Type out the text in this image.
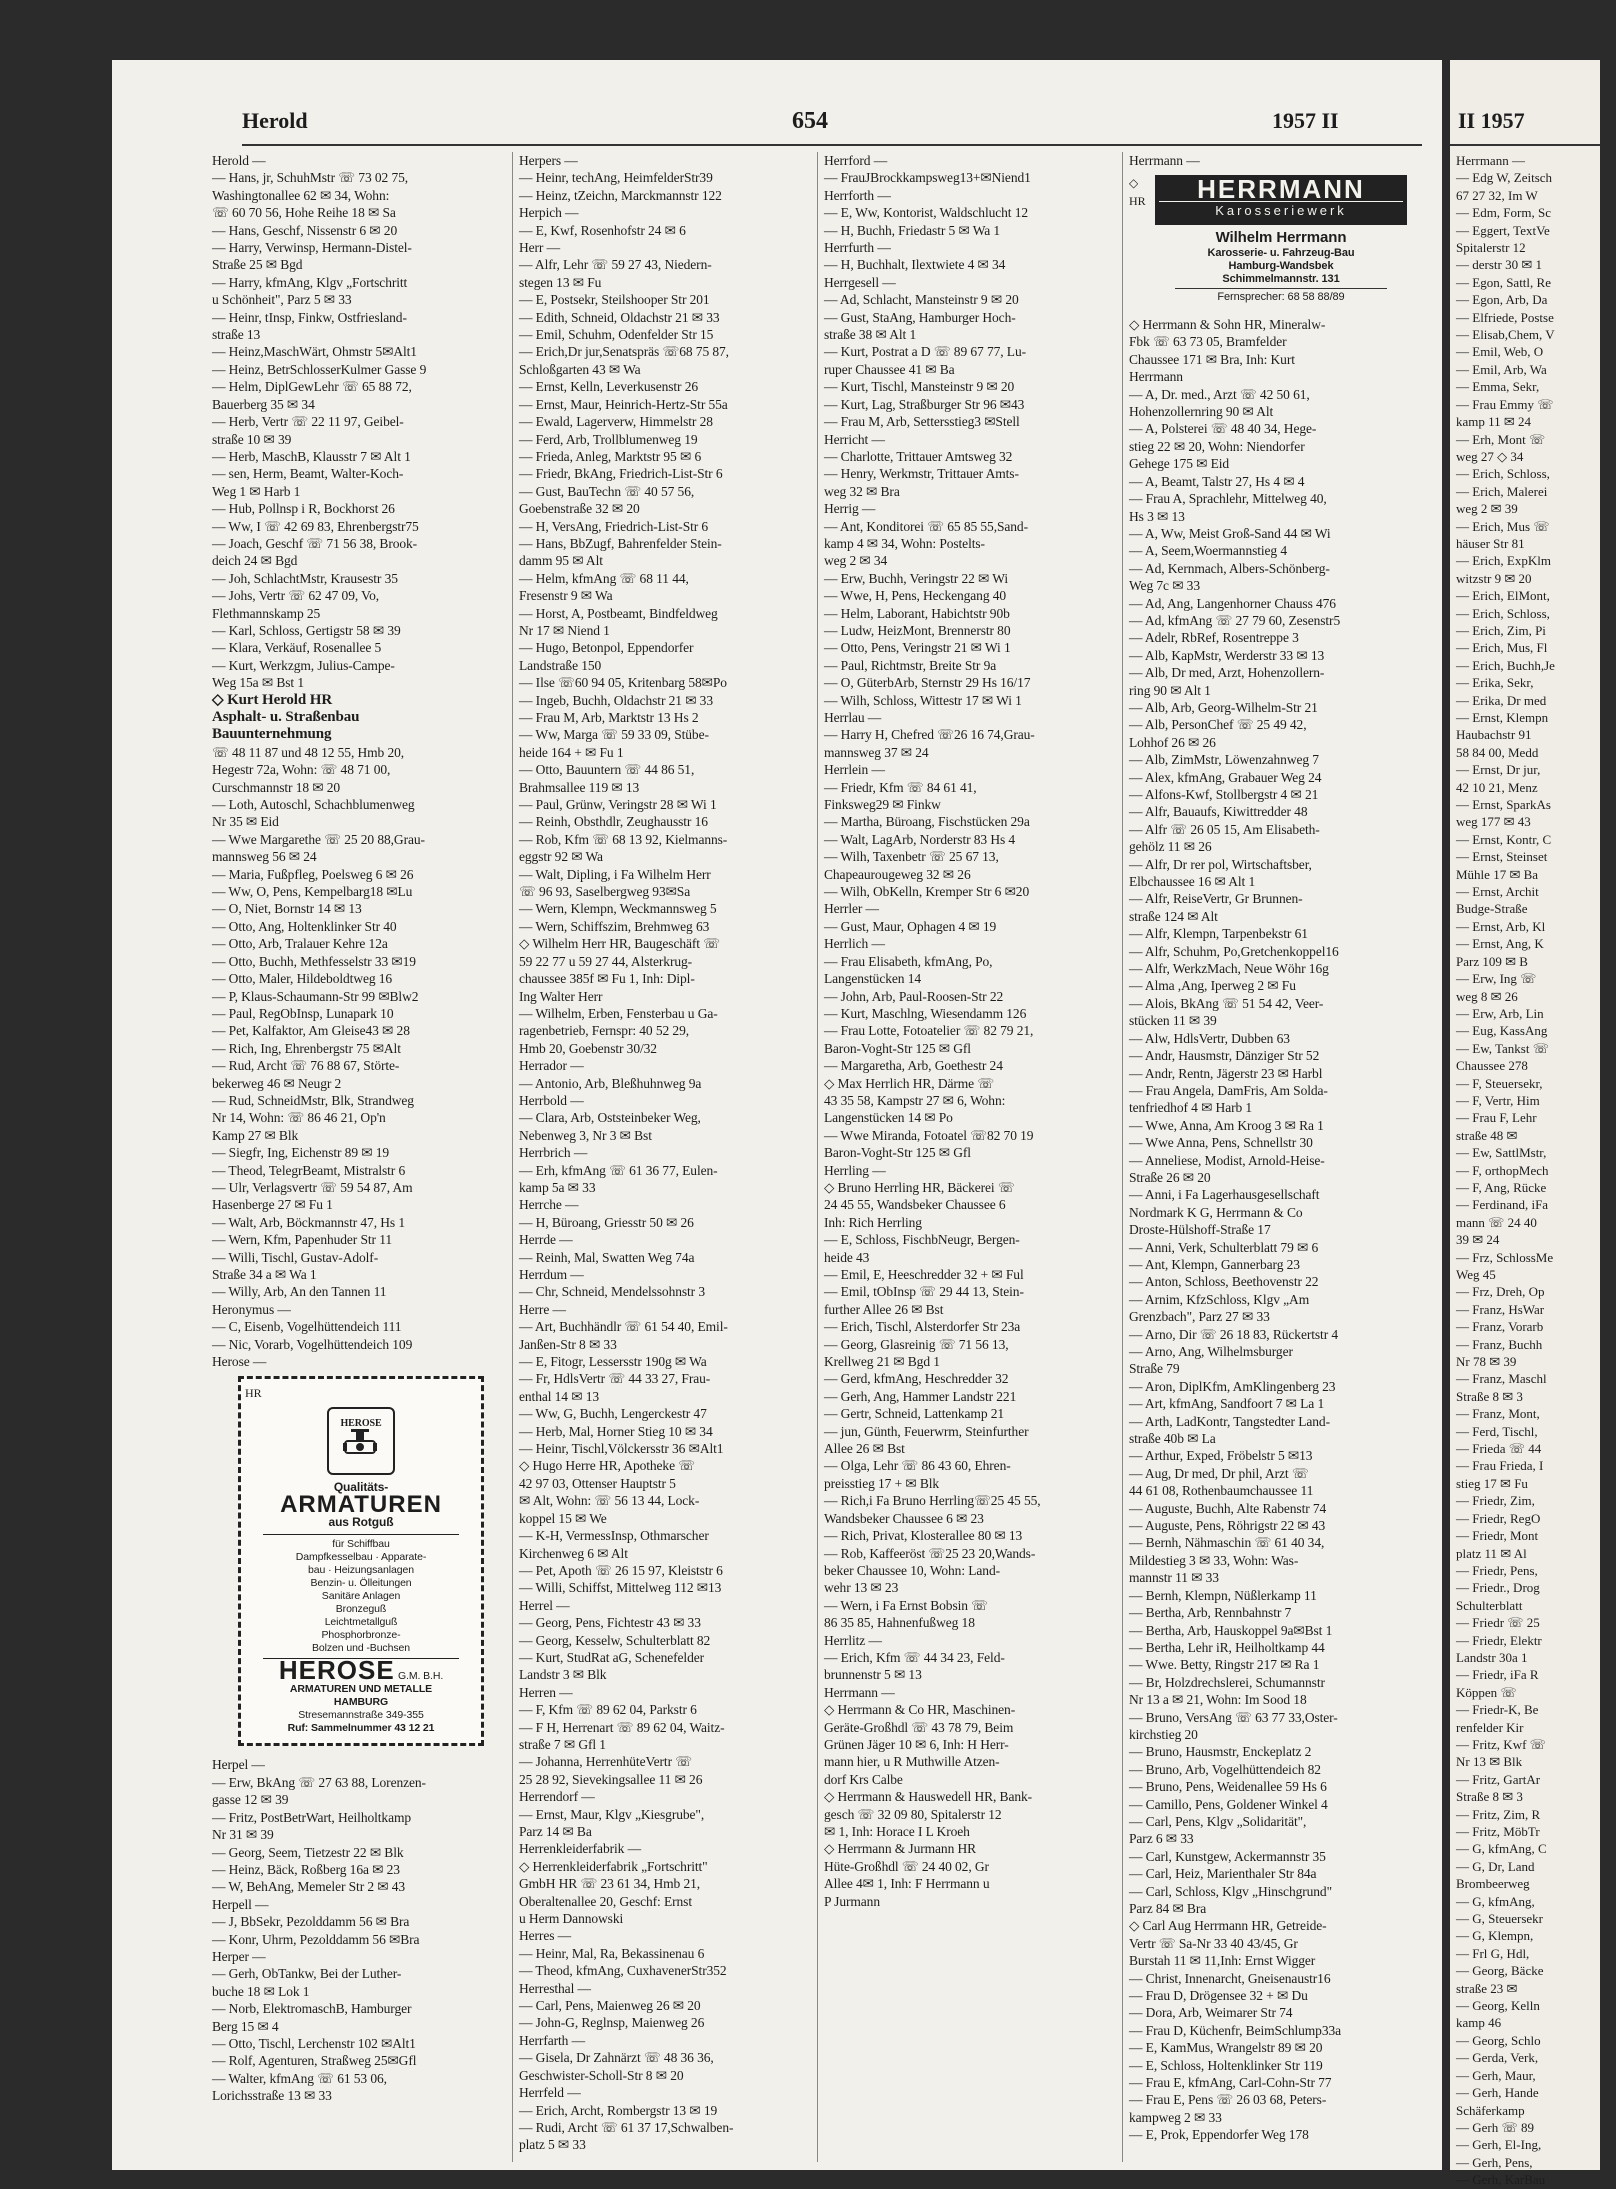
Herold	654	1957 II
Herold —
— Hans, jr, SchuhMstr ☏ 73 02 75,
Washingtonallee 62 ✉ 34, Wohn:
☏ 60 70 56, Hohe Reihe 18 ✉ Sa
— Hans, Geschf, Nissenstr 6 ✉ 20
— Harry, Verwinsp, Hermann-Distel-
Straße 25 ✉ Bgd
— Harry, kfmAng, Klgv „Fortschritt
u Schönheit", Parz 5 ✉ 33
— Heinr, tInsp, Finkw, Ostfriesland-
straße 13
— Heinz,MaschWärt, Ohmstr 5✉Alt1
— Heinz, BetrSchlosserKulmer Gasse 9
— Helm, DiplGewLehr ☏ 65 88 72,
Bauerberg 35 ✉ 34
— Herb, Vertr ☏ 22 11 97, Geibel-
straße 10 ✉ 39
— Herb, MaschB, Klausstr 7 ✉ Alt 1
— sen, Herm, Beamt, Walter-Koch-
Weg 1 ✉ Harb 1
— Hub, Pollnsp i R, Bockhorst 26
— Ww, I ☏ 42 69 83, Ehrenbergstr75
— Joach, Geschf ☏ 71 56 38, Brook-
deich 24 ✉ Bgd
— Joh, SchlachtMstr, Krausestr 35
— Johs, Vertr ☏ 62 47 09, Vo,
Flethmannskamp 25
— Karl, Schloss, Gertigstr 58 ✉ 39
— Klara, Verkäuf, Rosenallee 5
— Kurt, Werkzgm, Julius-Campe-
Weg 15a ✉ Bst 1
◇ Kurt Herold HR
Asphalt- u. Straßenbau
Bauunternehmung
☏ 48 11 87 und 48 12 55, Hmb 20,
Hegestr 72a, Wohn: ☏ 48 71 00,
Curschmannstr 18 ✉ 20
— Loth, Autoschl, Schachblumenweg
Nr 35 ✉ Eid
— Wwe Margarethe ☏ 25 20 88,Grau-
mannsweg 56 ✉ 24
— Maria, Fußpfleg, Poelsweg 6 ✉ 26
— Ww, O, Pens, Kempelbarg18 ✉Lu
— O, Niet, Bornstr 14 ✉ 13
— Otto, Ang, Holtenklinker Str 40
— Otto, Arb, Tralauer Kehre 12a
— Otto, Buchh, Methfesselstr 33 ✉19
— Otto, Maler, Hildeboldtweg 16
— P, Klaus-Schaumann-Str 99 ✉Blw2
— Paul, RegObInsp, Lunapark 10
— Pet, Kalfaktor, Am Gleise43 ✉ 28
— Rich, Ing, Ehrenbergstr 75 ✉Alt
— Rud, Archt ☏ 76 88 67, Störte-
bekerweg 46 ✉ Neugr 2
— Rud, SchneidMstr, Blk, Strandweg
Nr 14, Wohn: ☏ 86 46 21, Op'n
Kamp 27 ✉ Blk
— Siegfr, Ing, Eichenstr 89 ✉ 19
— Theod, TelegrBeamt, Mistralstr 6
— Ulr, Verlagsvertr ☏ 59 54 87, Am
Hasenberge 27 ✉ Fu 1
— Walt, Arb, Böckmannstr 47, Hs 1
— Wern, Kfm, Papenhuder Str 11
— Willi, Tischl, Gustav-Adolf-
Straße 34 a ✉ Wa 1
— Willy, Arb, An den Tannen 11
Heronymus —
— C, Eisenb, Vogelhüttendeich 111
— Nic, Vorarb, Vogelhüttendeich 109
Herose —
HR
HEROSE
Qualitäts-
ARMATUREN
aus Rotguß
für Schiffbau
Dampfkesselbau · Apparate-
bau · Heizungsanlagen
Benzin- u. Ölleitungen
Sanitäre Anlagen
Bronzeguß
Leichtmetallguß
Phosphorbronze-
Bolzen und -Buchsen
HEROSE G.M. B.H.
ARMATUREN UND METALLE
HAMBURG
Stresemannstraße 349-355
Ruf: Sammelnummer 43 12 21
Herpel —
— Erw, BkAng ☏ 27 63 88, Lorenzen-
gasse 12 ✉ 39
— Fritz, PostBetrWart, Heilholtkamp
Nr 31 ✉ 39
— Georg, Seem, Tietzestr 22 ✉ Blk
— Heinz, Bäck, Roßberg 16a ✉ 23
— W, BehAng, Memeler Str 2 ✉ 43
Herpell —
— J, BbSekr, Pezolddamm 56 ✉ Bra
— Konr, Uhrm, Pezolddamm 56 ✉Bra
Herper —
— Gerh, ObTankw, Bei der Luther-
buche 18 ✉ Lok 1
— Norb, ElektromaschB, Hamburger
Berg 15 ✉ 4
— Otto, Tischl, Lerchenstr 102 ✉Alt1
— Rolf, Agenturen, Straßweg 25✉Gfl
— Walter, kfmAng ☏ 61 53 06,
Lorichsstraße 13 ✉ 33
Herpers —
— Heinr, techAng, HeimfelderStr39
— Heinz, tZeichn, Marckmannstr 122
Herpich —
— E, Kwf, Rosenhofstr 24 ✉ 6
Herr —
— Alfr, Lehr ☏ 59 27 43, Niedern-
stegen 13 ✉ Fu
— E, Postsekr, Steilshooper Str 201
— Edith, Schneid, Oldachstr 21 ✉ 33
— Emil, Schuhm, Odenfelder Str 15
— Erich,Dr jur,Senatspräs ☏68 75 87,
Schloßgarten 43 ✉ Wa
— Ernst, Kelln, Leverkusenstr 26
— Ernst, Maur, Heinrich-Hertz-Str 55a
— Ewald, Lagerverw, Himmelstr 28
— Ferd, Arb, Trollblumenweg 19
— Frieda, Anleg, Marktstr 95 ✉ 6
— Friedr, BkAng, Friedrich-List-Str 6
— Gust, BauTechn ☏ 40 57 56,
Goebenstraße 32 ✉ 20
— H, VersAng, Friedrich-List-Str 6
— Hans, BbZugf, Bahrenfelder Stein-
damm 95 ✉ Alt
— Helm, kfmAng ☏ 68 11 44,
Fresenstr 9 ✉ Wa
— Horst, A, Postbeamt, Bindfeldweg
Nr 17 ✉ Niend 1
— Hugo, Betonpol, Eppendorfer
Landstraße 150
— Ilse ☏60 94 05, Kritenbarg 58✉Po
— Ingeb, Buchh, Oldachstr 21 ✉ 33
— Frau M, Arb, Marktstr 13 Hs 2
— Ww, Marga ☏ 59 33 09, Stübe-
heide 164 + ✉ Fu 1
— Otto, Bauuntern ☏ 44 86 51,
Brahmsallee 119 ✉ 13
— Paul, Grünw, Veringstr 28 ✉ Wi 1
— Reinh, Obsthdlr, Zeughausstr 16
— Rob, Kfm ☏ 68 13 92, Kielmanns-
eggstr 92 ✉ Wa
— Walt, Dipling, i Fa Wilhelm Herr
☏ 96 93, Saselbergweg 93✉Sa
— Wern, Klempn, Weckmannsweg 5
— Wern, Schiffszim, Brehmweg 63
◇ Wilhelm Herr HR, Baugeschäft ☏
59 22 77 u 59 27 44, Alsterkrug-
chaussee 385f ✉ Fu 1, Inh: Dipl-
Ing Walter Herr
— Wilhelm, Erben, Fensterbau u Ga-
ragenbetrieb, Fernspr: 40 52 29,
Hmb 20, Goebenstr 30/32
Herrador —
— Antonio, Arb, Bleßhuhnweg 9a
Herrbold —
— Clara, Arb, Oststeinbeker Weg,
Nebenweg 3, Nr 3 ✉ Bst
Herrbrich —
— Erh, kfmAng ☏ 61 36 77, Eulen-
kamp 5a ✉ 33
Herrche —
— H, Büroang, Griesstr 50 ✉ 26
Herrde —
— Reinh, Mal, Swatten Weg 74a
Herrdum —
— Chr, Schneid, Mendelssohnstr 3
Herre —
— Art, Buchhändlr ☏ 61 54 40, Emil-
Janßen-Str 8 ✉ 33
— E, Fitogr, Lessersstr 190g ✉ Wa
— Fr, HdlsVertr ☏ 44 33 27, Frau-
enthal 14 ✉ 13
— Ww, G, Buchh, Lengerckestr 47
— Herb, Mal, Horner Stieg 10 ✉ 34
— Heinr, Tischl,Völckersstr 36 ✉Alt1
◇ Hugo Herre HR, Apotheke ☏
42 97 03, Ottenser Hauptstr 5
✉ Alt, Wohn: ☏ 56 13 44, Lock-
koppel 15 ✉ We
— K-H, VermessInsp, Othmarscher
Kirchenweg 6 ✉ Alt
— Pet, Apoth ☏ 26 15 97, Kleiststr 6
— Willi, Schiffst, Mittelweg 112 ✉13
Herrel —
— Georg, Pens, Fichtestr 43 ✉ 33
— Georg, Kesselw, Schulterblatt 82
— Kurt, StudRat aG, Schenefelder
Landstr 3 ✉ Blk
Herren —
— F, Kfm ☏ 89 62 04, Parkstr 6
— F H, Herrenart ☏ 89 62 04, Waitz-
straße 7 ✉ Gfl 1
— Johanna, HerrenhüteVertr ☏
25 28 92, Sievekingsallee 11 ✉ 26
Herrendorf —
— Ernst, Maur, Klgv „Kiesgrube",
Parz 14 ✉ Ba
Herrenkleiderfabrik —
◇ Herrenkleiderfabrik „Fortschritt"
GmbH HR ☏ 23 61 34, Hmb 21,
Oberaltenallee 20, Geschf: Ernst
u Herm Dannowski
Herres —
— Heinr, Mal, Ra, Bekassinenau 6
— Theod, kfmAng, CuxhavenerStr352
Herresthal —
— Carl, Pens, Maienweg 26 ✉ 20
— John-G, Reglnsp, Maienweg 26
Herrfarth —
— Gisela, Dr Zahnärzt ☏ 48 36 36,
Geschwister-Scholl-Str 8 ✉ 20
Herrfeld —
— Erich, Archt, Rombergstr 13 ✉ 19
— Rudi, Archt ☏ 61 37 17,Schwalben-
platz 5 ✉ 33
Herrford —
— FrauJBrockkampsweg13+✉Niend1
Herrforth —
— E, Ww, Kontorist, Waldschlucht 12
— H, Buchh, Friedastr 5 ✉ Wa 1
Herrfurth —
— H, Buchhalt, Ilextwiete 4 ✉ 34
Herrgesell —
— Ad, Schlacht, Mansteinstr 9 ✉ 20
— Gust, StaAng, Hamburger Hoch-
straße 38 ✉ Alt 1
— Kurt, Postrat a D ☏ 89 67 77, Lu-
ruper Chaussee 41 ✉ Ba
— Kurt, Tischl, Mansteinstr 9 ✉ 20
— Kurt, Lag, Straßburger Str 96 ✉43
— Frau M, Arb, Settersstieg3 ✉Stell
Herricht —
— Charlotte, Trittauer Amtsweg 32
— Henry, Werkmstr, Trittauer Amts-
weg 32 ✉ Bra
Herrig —
— Ant, Konditorei ☏ 65 85 55,Sand-
kamp 4 ✉ 34, Wohn: Postelts-
weg 2 ✉ 34
— Erw, Buchh, Veringstr 22 ✉ Wi
— Wwe, H, Pens, Heckengang 40
— Helm, Laborant, Habichtstr 90b
— Ludw, HeizMont, Brennerstr 80
— Otto, Pens, Veringstr 21 ✉ Wi 1
— Paul, Richtmstr, Breite Str 9a
— O, GüterbArb, Sternstr 29 Hs 16/17
— Wilh, Schloss, Wittestr 17 ✉ Wi 1
Herrlau —
— Harry H, Chefred ☏26 16 74,Grau-
mannsweg 37 ✉ 24
Herrlein —
— Friedr, Kfm ☏ 84 61 41,
Finksweg29 ✉ Finkw
— Martha, Büroang, Fischstücken 29a
— Walt, LagArb, Norderstr 83 Hs 4
— Wilh, Taxenbetr ☏ 25 67 13,
Chapeaurougeweg 32 ✉ 26
— Wilh, ObKelln, Kremper Str 6 ✉20
Herrler —
— Gust, Maur, Ophagen 4 ✉ 19
Herrlich —
— Frau Elisabeth, kfmAng, Po,
Langenstücken 14
— John, Arb, Paul-Roosen-Str 22
— Kurt, Maschlng, Wiesendamm 126
— Frau Lotte, Fotoatelier ☏ 82 79 21,
Baron-Voght-Str 125 ✉ Gfl
— Margaretha, Arb, Goethestr 24
◇ Max Herrlich HR, Därme ☏
43 35 58, Kampstr 27 ✉ 6, Wohn:
Langenstücken 14 ✉ Po
— Wwe Miranda, Fotoatel ☏82 70 19
Baron-Voght-Str 125 ✉ Gfl
Herrling —
◇ Bruno Herrling HR, Bäckerei ☏
24 45 55, Wandsbeker Chaussee 6
Inh: Rich Herrling
— E, Schloss, FischbNeugr, Bergen-
heide 43
— Emil, E, Heeschredder 32 + ✉ Ful
— Emil, tObInsp ☏ 29 44 13, Stein-
further Allee 26 ✉ Bst
— Erich, Tischl, Alsterdorfer Str 23a
— Georg, Glasreinig ☏ 71 56 13,
Krellweg 21 ✉ Bgd 1
— Gerd, kfmAng, Heschredder 32
— Gerh, Ang, Hammer Landstr 221
— Gertr, Schneid, Lattenkamp 21
— jun, Günth, Feuerwrm, Steinfurther
Allee 26 ✉ Bst
— Olga, Lehr ☏ 86 43 60, Ehren-
preisstieg 17 + ✉ Blk
— Rich,i Fa Bruno Herrling☏25 45 55,
Wandsbeker Chaussee 6 ✉ 23
— Rich, Privat, Klosterallee 80 ✉ 13
— Rob, Kaffeeröst ☏25 23 20,Wands-
beker Chaussee 10, Wohn: Land-
wehr 13 ✉ 23
— Wern, i Fa Ernst Bobsin ☏
86 35 85, Hahnenfußweg 18
Herrlitz —
— Erich, Kfm ☏ 44 34 23, Feld-
brunnenstr 5 ✉ 13
Herrmann —
◇ Herrmann & Co HR, Maschinen-
Geräte-Großhdl ☏ 43 78 79, Beim
Grünen Jäger 10 ✉ 6, Inh: H Herr-
mann hier, u R Muthwille Atzen-
dorf Krs Calbe
◇ Herrmann & Hauswedell HR, Bank-
gesch ☏ 32 09 80, Spitalerstr 12
✉ 1, Inh: Horace I L Kroeh
◇ Herrmann & Jurmann HR
Hüte-Großhdl ☏ 24 40 02, Gr
Allee 4✉ 1, Inh: F Herrmann u
P Jurmann
Herrmann —
◇
HR	HERRMANN
Karosseriewerk
Wilhelm Herrmann
Karosserie- u. Fahrzeug-Bau
Hamburg-Wandsbek
Schimmelmannstr. 131
Fernsprecher: 68 58 88/89
◇ Herrmann & Sohn HR, Mineralw-
Fbk ☏ 63 73 05, Bramfelder
Chaussee 171 ✉ Bra, Inh: Kurt
Herrmann
— A, Dr. med., Arzt ☏ 42 50 61,
Hohenzollernring 90 ✉ Alt
— A, Polsterei ☏ 48 40 34, Hege-
stieg 22 ✉ 20, Wohn: Niendorfer
Gehege 175 ✉ Eid
— A, Beamt, Talstr 27, Hs 4 ✉ 4
— Frau A, Sprachlehr, Mittelweg 40,
Hs 3 ✉ 13
— A, Ww, Meist Groß-Sand 44 ✉ Wi
— A, Seem,Woermannstieg 4
— Ad, Kernmach, Albers-Schönberg-
Weg 7c ✉ 33
— Ad, Ang, Langenhorner Chauss 476
— Ad, kfmAng ☏ 27 79 60, Zesenstr5
— Adelr, RbRef, Rosentreppe 3
— Alb, KapMstr, Werderstr 33 ✉ 13
— Alb, Dr med, Arzt, Hohenzollern-
ring 90 ✉ Alt 1
— Alb, Arb, Georg-Wilhelm-Str 21
— Alb, PersonChef ☏ 25 49 42,
Lohhof 26 ✉ 26
— Alb, ZimMstr, Löwenzahnweg 7
— Alex, kfmAng, Grabauer Weg 24
— Alfons-Kwf, Stollbergstr 4 ✉ 21
— Alfr, Bauaufs, Kiwittredder 48
— Alfr ☏ 26 05 15, Am Elisabeth-
gehölz 11 ✉ 26
— Alfr, Dr rer pol, Wirtschaftsber,
Elbchaussee 16 ✉ Alt 1
— Alfr, ReiseVertr, Gr Brunnen-
straße 124 ✉ Alt
— Alfr, Klempn, Tarpenbekstr 61
— Alfr, Schuhm, Po,Gretchenkoppel16
— Alfr, WerkzMach, Neue Wöhr 16g
— Alma ,Ang, Iperweg 2 ✉ Fu
— Alois, BkAng ☏ 51 54 42, Veer-
stücken 11 ✉ 39
— Alw, HdlsVertr, Dubben 63
— Andr, Hausmstr, Dänziger Str 52
— Andr, Rentn, Jägerstr 23 ✉ Harbl
— Frau Angela, DamFris, Am Solda-
tenfriedhof 4 ✉ Harb 1
— Wwe, Anna, Am Kroog 3 ✉ Ra 1
— Wwe Anna, Pens, Schnellstr 30
— Anneliese, Modist, Arnold-Heise-
Straße 26 ✉ 20
— Anni, i Fa Lagerhausgesellschaft
Nordmark K G, Herrmann & Co
Droste-Hülshoff-Straße 17
— Anni, Verk, Schulterblatt 79 ✉ 6
— Ant, Klempn, Gannerbarg 23
— Anton, Schloss, Beethovenstr 22
— Arnim, KfzSchloss, Klgv „Am
Grenzbach", Parz 27 ✉ 33
— Arno, Dir ☏ 26 18 83, Rückertstr 4
— Arno, Ang, Wilhelmsburger
Straße 79
— Aron, DiplKfm, AmKlingenberg 23
— Art, kfmAng, Sandfoort 7 ✉ La 1
— Arth, LadKontr, Tangstedter Land-
straße 40b ✉ La
— Arthur, Exped, Fröbelstr 5 ✉13
— Aug, Dr med, Dr phil, Arzt ☏
44 61 08, Rothenbaumchaussee 11
— Auguste, Buchh, Alte Rabenstr 74
— Auguste, Pens, Röhrigstr 22 ✉ 43
— Bernh, Nähmaschin ☏ 61 40 34,
Mildestieg 3 ✉ 33, Wohn: Was-
mannstr 11 ✉ 33
— Bernh, Klempn, Nüßlerkamp 11
— Bertha, Arb, Rennbahnstr 7
— Bertha, Arb, Hauskoppel 9a✉Bst 1
— Bertha, Lehr iR, Heilholtkamp 44
— Wwe. Betty, Ringstr 217 ✉ Ra 1
— Br, Holzdrechslerei, Schumannstr
Nr 13 a ✉ 21, Wohn: Im Sood 18
— Bruno, VersAng ☏ 63 77 33,Oster-
kirchstieg 20
— Bruno, Hausmstr, Enckeplatz 2
— Bruno, Arb, Vogelhüttendeich 82
— Bruno, Pens, Weidenallee 59 Hs 6
— Camillo, Pens, Goldener Winkel 4
— Carl, Pens, Klgv „Solidarität",
Parz 6 ✉ 33
— Carl, Kunstgew, Ackermannstr 35
— Carl, Heiz, Marienthaler Str 84a
— Carl, Schloss, Klgv „Hinschgrund"
Parz 84 ✉ Bra
◇ Carl Aug Herrmann HR, Getreide-
Vertr ☏ Sa-Nr 33 40 43/45, Gr
Burstah 11 ✉ 11,Inh: Ernst Wigger
— Christ, Innenarcht, Gneisenaustr16
— Frau D, Drögensee 32 + ✉ Du
— Dora, Arb, Weimarer Str 74
— Frau D, Küchenfr, BeimSchlump33a
— E, KamMus, Wrangelstr 89 ✉ 20
— E, Schloss, Holtenklinker Str 119
— Frau E, kfmAng, Carl-Cohn-Str 77
— Frau E, Pens ☏ 26 03 68, Peters-
kampweg 2 ✉ 33
— E, Prok, Eppendorfer Weg 178
II 1957
Herrmann —
— Edg W, Zeitsch
67 27 32, Im W
— Edm, Form, Sc
— Eggert, TextVe
Spitalerstr 12
— derstr 30 ✉ 1
— Egon, Sattl, Re
— Egon, Arb, Da
— Elfriede, Postse
— Elisab,Chem, V
— Emil, Web, O
— Emil, Arb, Wa
— Emma, Sekr,
— Frau Emmy ☏
kamp 11 ✉ 24
— Erh, Mont ☏
weg 27 ◇ 34
— Erich, Schloss,
— Erich, Malerei
weg 2 ✉ 39
— Erich, Mus ☏
häuser Str 81
— Erich, ExpKlm
witzstr 9 ✉ 20
— Erich, ElMont,
— Erich, Schloss,
— Erich, Zim, Pi
— Erich, Mus, Fl
— Erich, Buchh,Je
— Erika, Sekr,
— Erika, Dr med
— Ernst, Klempn
Haubachstr 91
58 84 00, Medd
— Ernst, Dr jur,
42 10 21, Menz
— Ernst, SparkAs
weg 177 ✉ 43
— Ernst, Kontr, C
— Ernst, Steinset
Mühle 17 ✉ Ba
— Ernst, Archit
Budge-Straße
— Ernst, Arb, Kl
— Ernst, Ang, K
Parz 109 ✉ B
— Erw, Ing ☏
weg 8 ✉ 26
— Erw, Arb, Lin
— Eug, KassAng
— Ew, Tankst ☏
Chaussee 278
— F, Steuersekr,
— F, Vertr, Him
— Frau F, Lehr
straße 48 ✉
— Ew, SattlMstr,
— F, orthopMech
— F, Ang, Rücke
— Ferdinand, iFa
mann ☏ 24 40
39 ✉ 24
— Frz, SchlossMe
Weg 45
— Frz, Dreh, Op
— Franz, HsWar
— Franz, Vorarb
— Franz, Buchh
Nr 78 ✉ 39
— Franz, Maschl
Straße 8 ✉ 3
— Franz, Mont,
— Ferd, Tischl,
— Frieda ☏ 44
— Frau Frieda, I
stieg 17 ✉ Fu
— Friedr, Zim,
— Friedr, RegO
— Friedr, Mont
platz 11 ✉ Al
— Friedr, Pens,
— Friedr., Drog
Schulterblatt
— Friedr ☏ 25
— Friedr, Elektr
Landstr 30a 1
— Friedr, iFa R
Köppen ☏
— Friedr-K, Be
renfelder Kir
— Fritz, Kwf ☏
Nr 13 ✉ Blk
— Fritz, GartAr
Straße 8 ✉ 3
— Fritz, Zim, R
— Fritz, MöbTr
— G, kfmAng, C
— G, Dr, Land
Brombeerweg
— G, kfmAng,
— G, Steuersekr
— G, Klempn,
— Frl G, Hdl,
— Georg, Bäcke
straße 23 ✉
— Georg, Kelln
kamp 46
— Georg, Schlo
— Gerda, Verk,
— Gerh, Maur,
— Gerh, Hande
Schäferkamp
— Gerh ☏ 89
— Gerh, El-Ing,
— Gerh, Pens,
— Gerh, KarBau
